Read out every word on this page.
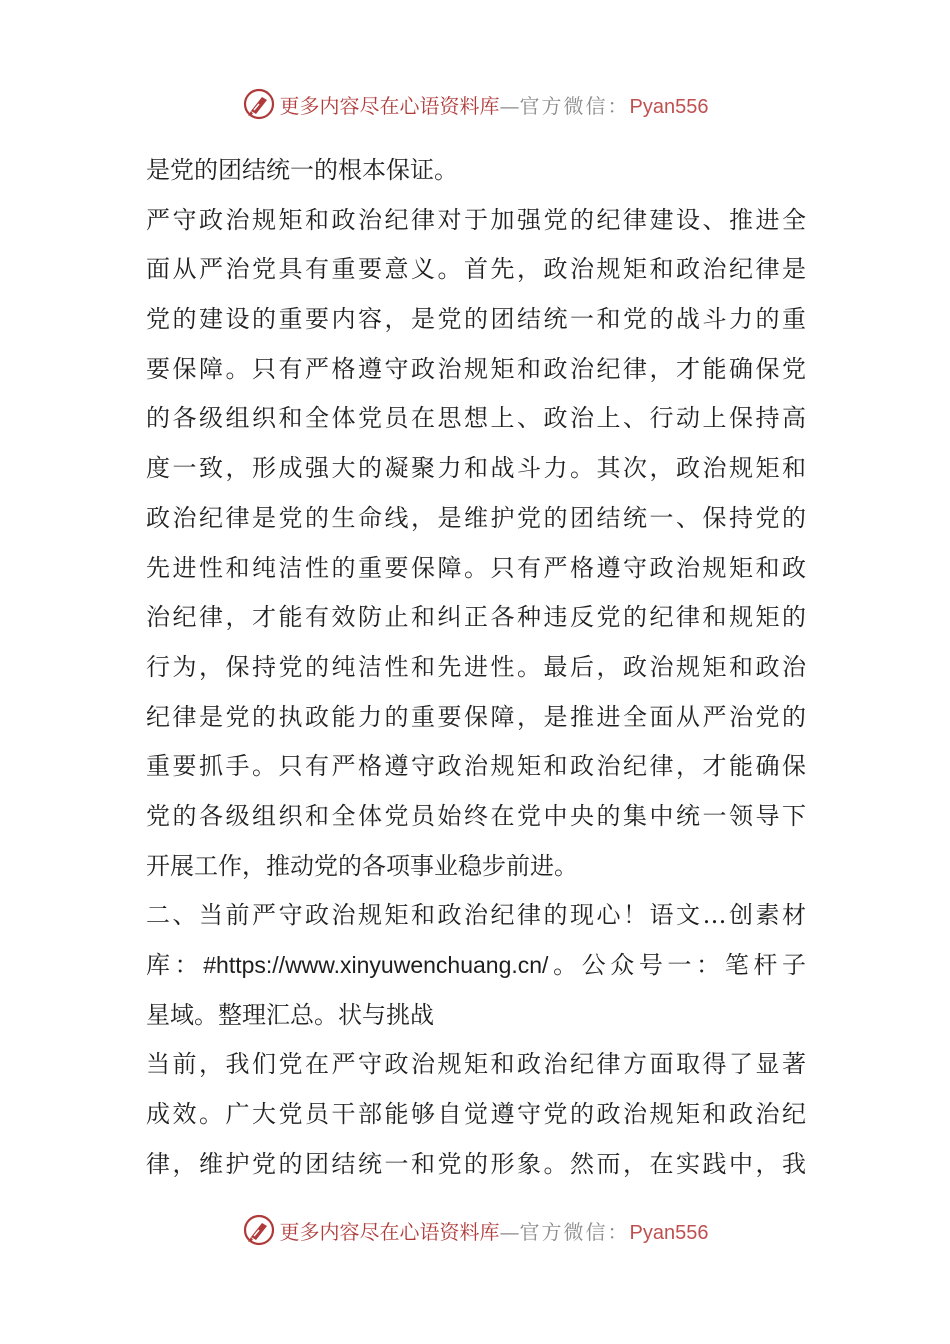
更多内容尽在心语资料库—官方微信：Pyan556
是党的团结统一的根本保证。
严守政治规矩和政治纪律对于加强党的纪律建设、推进全
面从严治党具有重要意义。首先，政治规矩和政治纪律是
党的建设的重要内容，是党的团结统一和党的战斗力的重
要保障。只有严格遵守政治规矩和政治纪律，才能确保党
的各级组织和全体党员在思想上、政治上、行动上保持高
度一致，形成强大的凝聚力和战斗力。其次，政治规矩和
政治纪律是党的生命线，是维护党的团结统一、保持党的
先进性和纯洁性的重要保障。只有严格遵守政治规矩和政
治纪律，才能有效防止和纠正各种违反党的纪律和规矩的
行为，保持党的纯洁性和先进性。最后，政治规矩和政治
纪律是党的执政能力的重要保障，是推进全面从严治党的
重要抓手。只有严格遵守政治规矩和政治纪律，才能确保
党的各级组织和全体党员始终在党中央的集中统一领导下
开展工作，推动党的各项事业稳步前进。
二、当前严守政治规矩和政治纪律的现心！语文…创素材
库：#https://www.xinyuwenchuang.cn/。公众号一：笔杆子
星域。整理汇总。状与挑战
当前，我们党在严守政治规矩和政治纪律方面取得了显著
成效。广大党员干部能够自觉遵守党的政治规矩和政治纪
律，维护党的团结统一和党的形象。然而，在实践中，我
更多内容尽在心语资料库—官方微信：Pyan556
